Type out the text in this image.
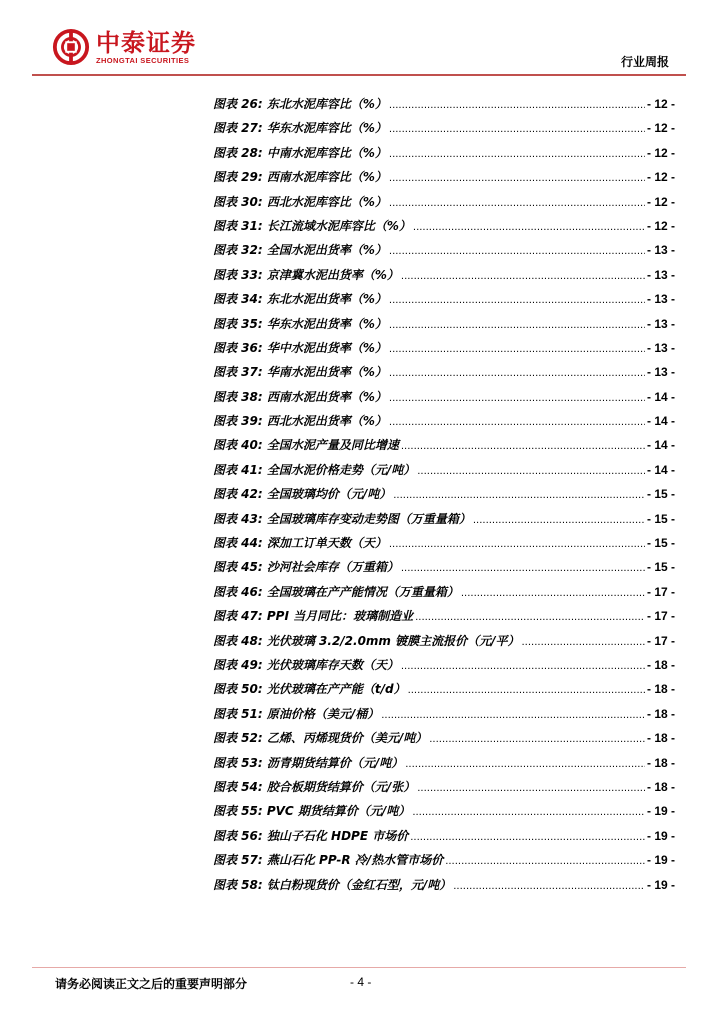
中泰证券
ZHONGTAI SECURITIES	行业周报
图表 26: 东北水泥库容比（%） .....	- 12 -
图表 27: 华东水泥库容比（%） .....	- 12 -
图表 28: 中南水泥库容比（%） .....	- 12 -
图表 29: 西南水泥库容比（%） .....	- 12 -
图表 30: 西北水泥库容比（%） .....	- 12 -
图表 31: 长江流域水泥库容比（%） .....	- 12 -
图表 32: 全国水泥出货率（%） .....	- 13 -
图表 33: 京津冀水泥出货率（%） .....	- 13 -
图表 34: 东北水泥出货率（%） .....	- 13 -
图表 35: 华东水泥出货率（%） .....	- 13 -
图表 36: 华中水泥出货率（%） .....	- 13 -
图表 37: 华南水泥出货率（%） .....	- 13 -
图表 38: 西南水泥出货率（%） .....	- 14 -
图表 39: 西北水泥出货率（%） .....	- 14 -
图表 40: 全国水泥产量及同比增速 .....	- 14 -
图表 41: 全国水泥价格走势（元/吨） .....	- 14 -
图表 42: 全国玻璃均价（元/吨） .....	- 15 -
图表 43: 全国玻璃库存变动走势图（万重量箱） .....	- 15 -
图表 44: 深加工订单天数（天） .....	- 15 -
图表 45: 沙河社会库存（万重箱） .....	- 15 -
图表 46: 全国玻璃在产产能情况（万重量箱） .....	- 17 -
图表 47: PPI 当月同比：玻璃制造业 .....	- 17 -
图表 48: 光伏玻璃 3.2/2.0mm 镀膜主流报价（元/平） .....	- 17 -
图表 49: 光伏玻璃库存天数（天） .....	- 18 -
图表 50: 光伏玻璃在产产能（t/d） .....	- 18 -
图表 51: 原油价格（美元/桶） .....	- 18 -
图表 52: 乙烯、丙烯现货价（美元/吨） .....	- 18 -
图表 53: 沥青期货结算价（元/吨） .....	- 18 -
图表 54: 胶合板期货结算价（元/张） .....	- 18 -
图表 55: PVC 期货结算价（元/吨） .....	- 19 -
图表 56: 独山子石化 HDPE 市场价 .....	- 19 -
图表 57: 燕山石化 PP-R 冷/热水管市场价 .....	- 19 -
图表 58: 钛白粉现货价（金红石型，元/吨） .....	- 19 -
请务必阅读正文之后的重要声明部分	- 4 -
